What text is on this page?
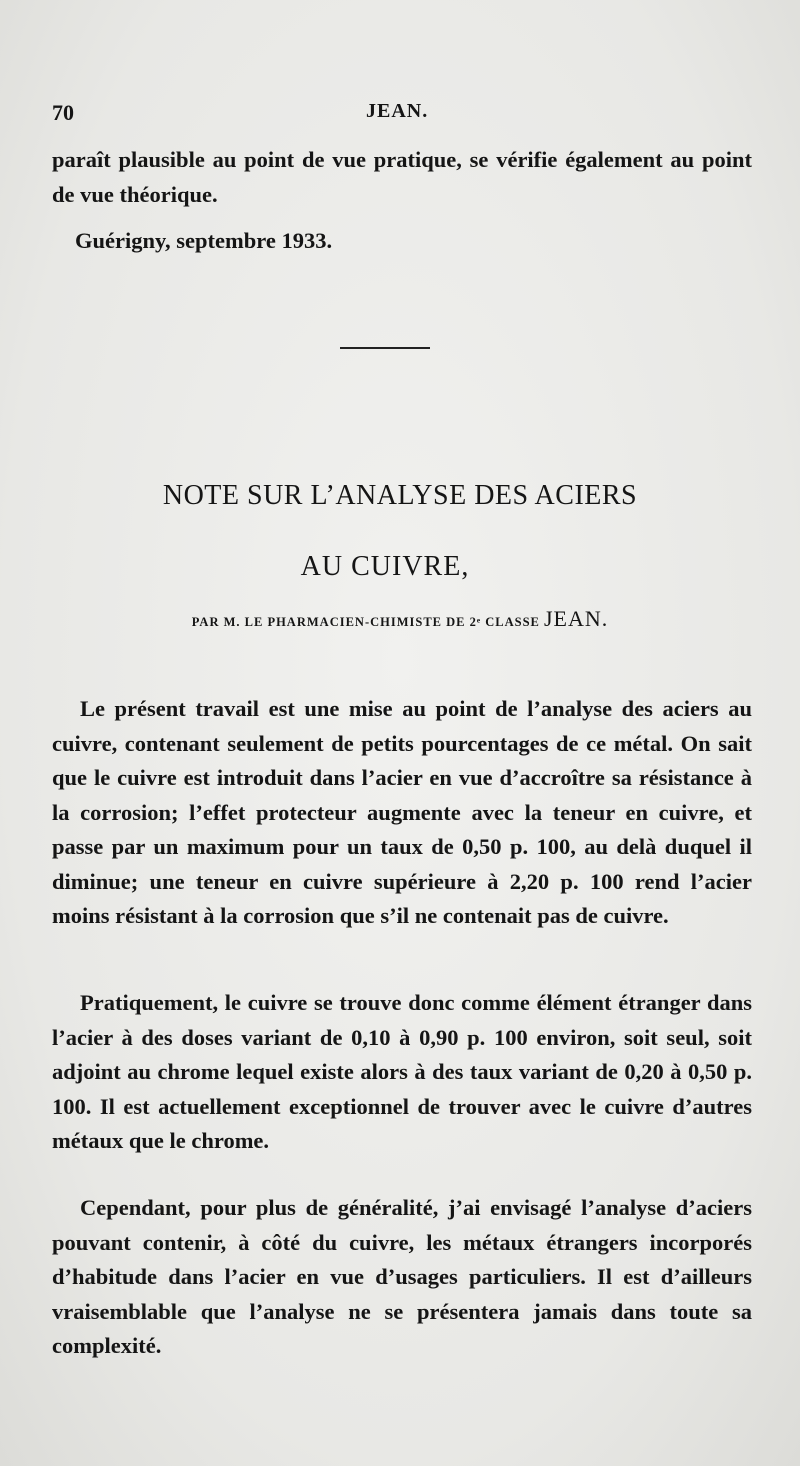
70	JEAN.

paraît plausible au point de vue pratique, se vérifie également au point de vue théorique.

Guérigny, septembre 1933.
NOTE SUR L’ANALYSE DES ACIERS
AU CUIVRE,
PAR M. LE PHARMACIEN-CHIMISTE DE 2ᵉ CLASSE JEAN.

Le présent travail est une mise au point de l’analyse des aciers au cuivre, contenant seulement de petits pourcentages de ce métal. On sait que le cuivre est introduit dans l’acier en vue d’accroître sa résistance à la corrosion; l’effet protecteur augmente avec la teneur en cuivre, et passe par un maximum pour un taux de 0,50 p. 100, au delà duquel il diminue; une teneur en cuivre supérieure à 2,20 p. 100 rend l’acier moins résistant à la corrosion que s’il ne contenait pas de cuivre.

Pratiquement, le cuivre se trouve donc comme élément étranger dans l’acier à des doses variant de 0,10 à 0,90 p. 100 environ, soit seul, soit adjoint au chrome lequel existe alors à des taux variant de 0,20 à 0,50 p. 100. Il est actuellement exceptionnel de trouver avec le cuivre d’autres métaux que le chrome.

Cependant, pour plus de généralité, j’ai envisagé l’analyse d’aciers pouvant contenir, à côté du cuivre, les métaux étrangers incorporés d’habitude dans l’acier en vue d’usages particuliers. Il est d’ailleurs vraisemblable que l’analyse ne se présentera jamais dans toute sa complexité.
